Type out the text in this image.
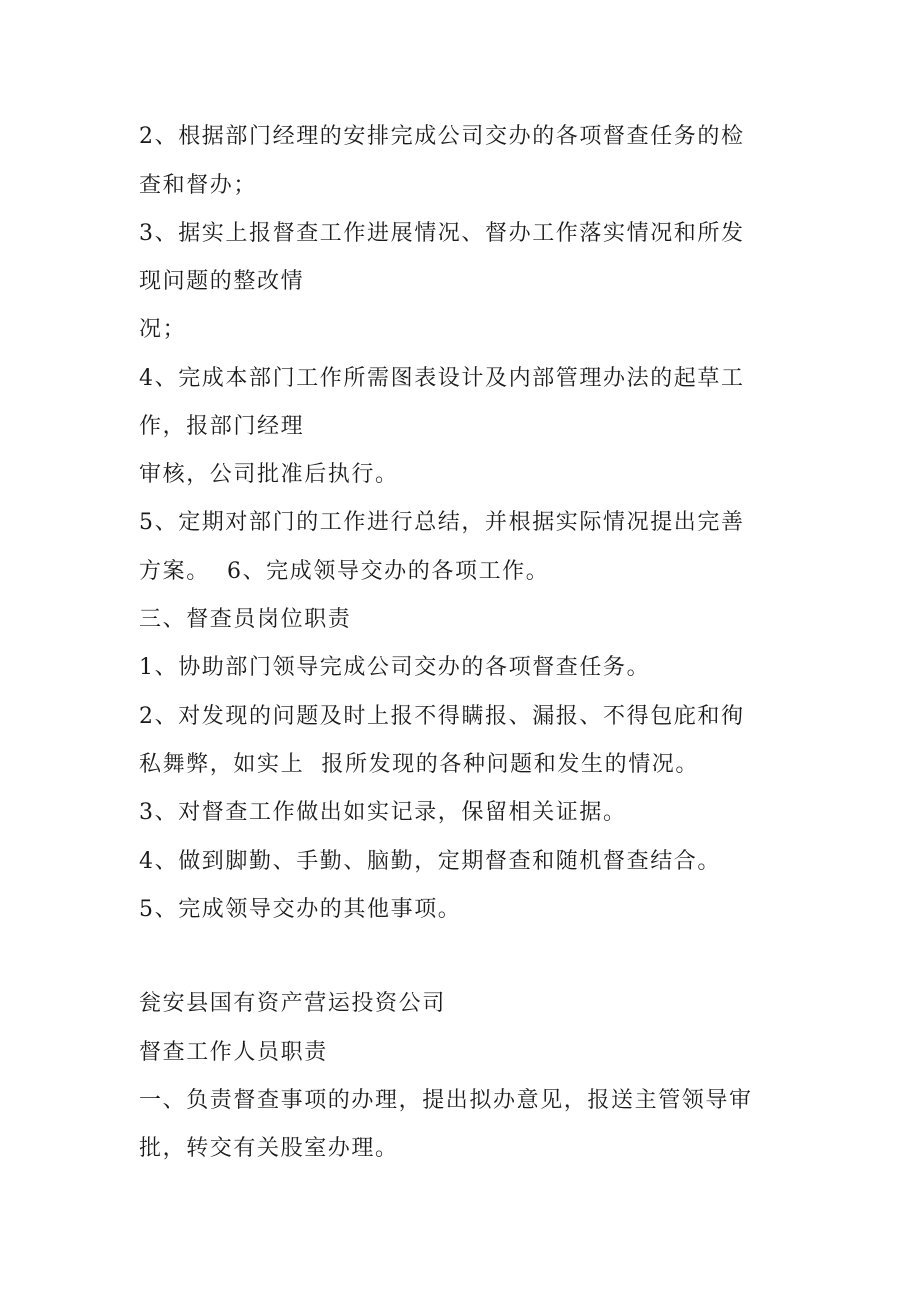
2、根据部门经理的安排完成公司交办的各项督查任务的检

查和督办；

3、据实上报督查工作进展情况、督办工作落实情况和所发

现问题的整改情

况；

4、完成本部门工作所需图表设计及内部管理办法的起草工

作，报部门经理

审核，公司批准后执行。

5、定期对部门的工作进行总结，并根据实际情况提出完善

方案。  6、完成领导交办的各项工作。

三、督查员岗位职责

1、协助部门领导完成公司交办的各项督查任务。

2、对发现的问题及时上报不得瞒报、漏报、不得包庇和徇

私舞弊，如实上  报所发现的各种问题和发生的情况。

3、对督查工作做出如实记录，保留相关证据。

4、做到脚勤、手勤、脑勤，定期督查和随机督查结合。

5、完成领导交办的其他事项。

瓮安县国有资产营运投资公司

督查工作人员职责

一、负责督查事项的办理，提出拟办意见，报送主管领导审

批，转交有关股室办理。
